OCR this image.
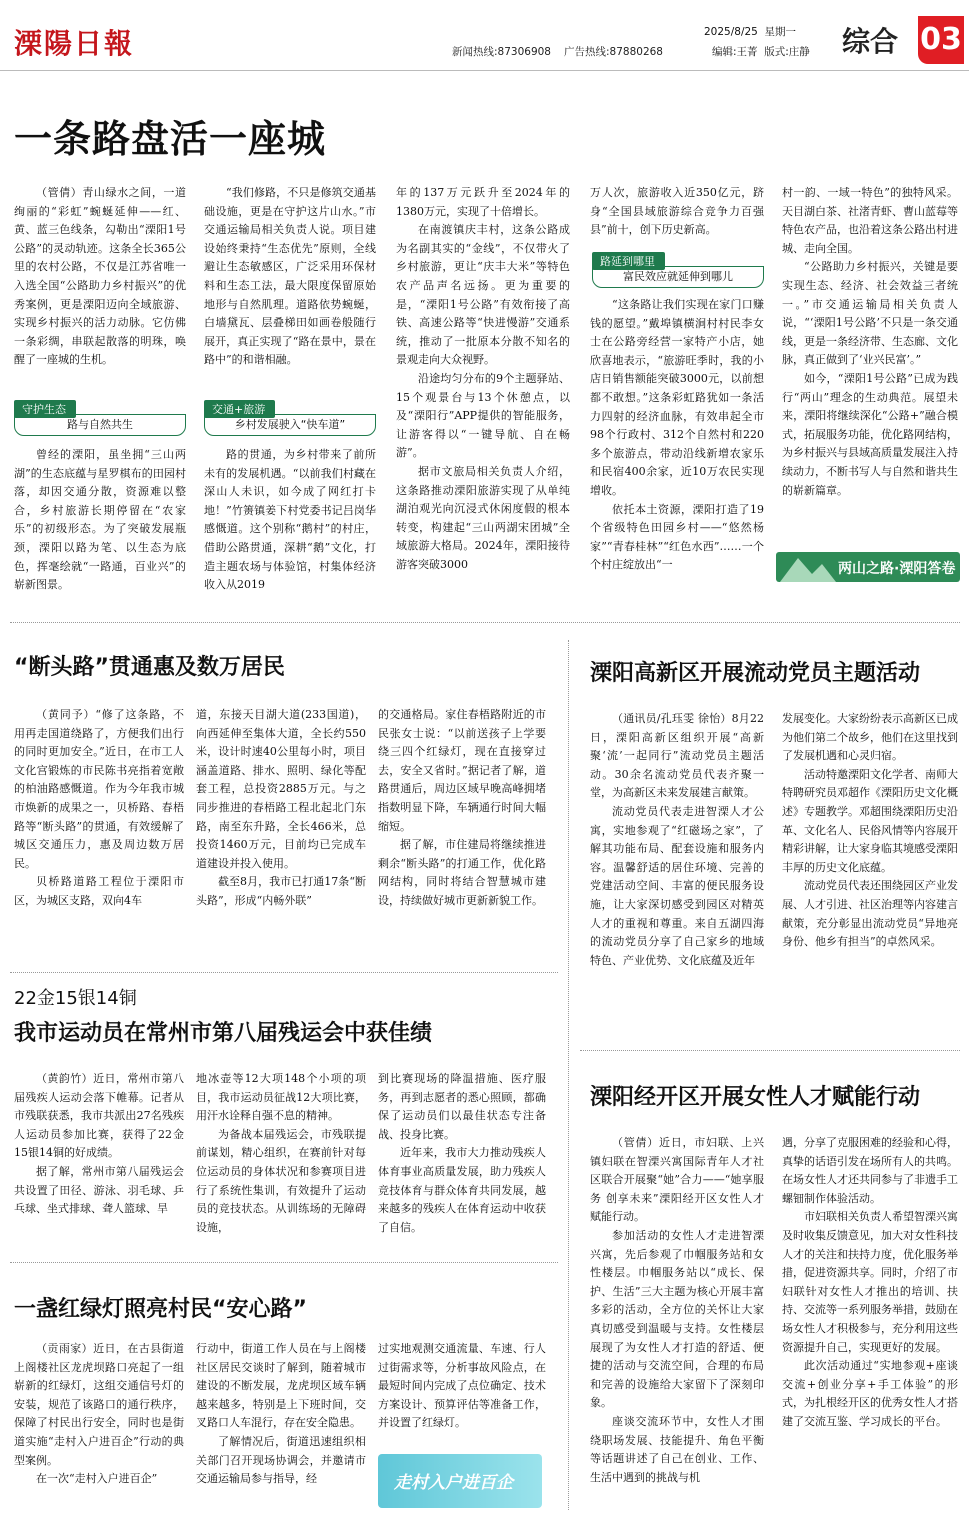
溧陽日報	新闻热线:87306908 广告热线:87880268
2025/8/25 星期一
编辑:王菁 版式:庄静 综合 03
一条路盘活一座城
（管倩）青山绿水之间，一道绚丽的“彩虹”蜿蜒延伸——红、黄、蓝三色线条，勾勒出“溧阳1号公路”的灵动轨迹。这条全长365公里的农村公路，不仅是江苏省唯一入选全国“公路助力乡村振兴”的优秀案例，更是溧阳迈向全域旅游、实现乡村振兴的活力动脉。它仿佛一条彩绸，串联起散落的明珠，唤醒了一座城的生机。
守护生态
路与自然共生
曾经的溧阳，虽坐拥“三山两湖”的生态底蕴与星罗棋布的田园村落，却因交通分散，资源难以整合，乡村旅游长期停留在“农家乐”的初级形态。为了突破发展瓶颈，溧阳以路为笔、以生态为底色，挥毫绘就“一路通，百业兴”的崭新图景。
“我们修路，不只是修筑交通基础设施，更是在守护这片山水。”市交通运输局相关负责人说。项目建设始终秉持“生态优先”原则，全线避让生态敏感区，广泛采用环保材料和生态工法，最大限度保留原始地形与自然肌理。道路依势蜿蜒，白墙黛瓦、层叠梯田如画卷般随行展开，真正实现了“路在景中，景在路中”的和谐相融。
交通+旅游
乡村发展驶入“快车道”
路的贯通，为乡村带来了前所未有的发展机遇。“以前我们村藏在深山人未识，如今成了网红打卡地！”竹箦镇姜下村党委书记吕岗华感慨道。这个别称“鹅村”的村庄，借助公路贯通，深耕“鹅”文化，打造主题农场与体验馆，村集体经济收入从2019
年的137万元跃升至2024年的1380万元，实现了十倍增长。
在南渡镇庆丰村，这条公路成为名副其实的“金线”，不仅带火了乡村旅游，更让“庆丰大米”等特色农产品声名远扬。更为重要的是，“溧阳1号公路”有效衔接了高铁、高速公路等“快进慢游”交通系统，推动了一批原本分散不知名的景观走向大众视野。
沿途均匀分布的9个主题驿站、15个观景台与13个休憩点，以及“溧阳行”APP提供的智能服务，让游客得以“一键导航、自在畅游”。
据市文旅局相关负责人介绍，这条路推动溧阳旅游实现了从单纯湖泊观光向沉浸式休闲度假的根本转变，构建起“三山两湖宋团城”全域旅游大格局。2024年，溧阳接待游客突破3000
万人次，旅游收入近350亿元，跻身“全国县域旅游综合竞争力百强县”前十，创下历史新高。
路延到哪里
富民效应就延伸到哪儿
“这条路让我们实现在家门口赚钱的愿望。”戴埠镇横涧村村民李女士在公路旁经营一家特产小店，她欣喜地表示，“旅游旺季时，我的小店日销售额能突破3000元，以前想都不敢想。”这条彩虹路犹如一条活力四射的经济血脉，有效串起全市98个行政村、312个自然村和220多个旅游点，带动沿线新增农家乐和民宿400余家，近10万农民实现增收。
依托本土资源，溧阳打造了19个省级特色田园乡村——“悠然杨家”“青春桂林”“红色水西”……一个个村庄绽放出“一
村一韵、一域一特色”的独特风采。天目湖白茶、社渚青虾、曹山蓝莓等特色农产品，也沿着这条公路出村进城、走向全国。
“公路助力乡村振兴，关键是要实现生态、经济、社会效益三者统一。”市交通运输局相关负责人说，“‘溧阳1号公路’不只是一条交通线，更是一条经济带、生态廊、文化脉，真正做到了‘业兴民富’。”
如今，“溧阳1号公路”已成为践行“两山”理念的生动典范。展望未来，溧阳将继续深化“公路+”融合模式，拓展服务功能，优化路网结构，为乡村振兴与县域高质量发展注入持续动力，不断书写人与自然和谐共生的崭新篇章。
两山之路·溧阳答卷
“断头路”贯通惠及数万居民
（黄同予）“修了这条路，不用再走国道绕路了，方便我们出行的同时更加安全。”近日，在市工人文化宫锻炼的市民陈书亮指着宽敞的柏油路感慨道。作为今年我市城市焕新的成果之一，贝桥路、春梧路等“断头路”的贯通，有效缓解了城区交通压力，惠及周边数万居民。
贝桥路道路工程位于溧阳市区，为城区支路，双向4车
道，东接天目湖大道(233国道)，向西延伸至集体大道，全长约550米，设计时速40公里每小时，项目涵盖道路、排水、照明、绿化等配套工程，总投资2885万元。与之同步推进的春梧路工程北起北门东路，南至东升路，全长466米，总投资1460万元，目前均已完成车道建设并投入使用。
截至8月，我市已打通17条“断头路”，形成“内畅外联”
的交通格局。家住春梧路附近的市民张女士说：“以前送孩子上学要绕三四个红绿灯，现在直接穿过去，安全又省时。”据记者了解，道路贯通后，周边区域早晚高峰拥堵指数明显下降，车辆通行时间大幅缩短。
据了解，市住建局将继续推进剩余“断头路”的打通工作，优化路网结构，同时将结合智慧城市建设，持续做好城市更新新貌工作。
溧阳高新区开展流动党员主题活动
（通讯员/孔珏雯 徐怡）8月22日，溧阳高新区组织开展“高新聚‘流’一起同行”流动党员主题活动。30余名流动党员代表齐聚一堂，为高新区未来发展建言献策。
流动党员代表走进智溧人才公寓，实地参观了“红磁场之家”，了解其功能布局、配套设施和服务内容。温馨舒适的居住环境、完善的党建活动空间、丰富的便民服务设施，让大家深切感受到园区对精英人才的重视和尊重。来自五湖四海的流动党员分享了自己家乡的地域特色、产业优势、文化底蕴及近年
发展变化。大家纷纷表示高新区已成为他们第二个故乡，他们在这里找到了发展机遇和心灵归宿。
活动特邀溧阳文化学者、南师大特聘研究员邓超作《溧阳历史文化概述》专题教学。邓超围绕溧阳历史沿革、文化名人、民俗风情等内容展开精彩讲解，让大家身临其境感受溧阳丰厚的历史文化底蕴。
流动党员代表还围绕园区产业发展、人才引进、社区治理等内容建言献策，充分彰显出流动党员“异地亮身份、他乡有担当”的卓然风采。
22金15银14铜
我市运动员在常州市第八届残运会中获佳绩
（黄韵竹）近日，常州市第八届残疾人运动会落下帷幕。记者从市残联获悉，我市共派出27名残疾人运动员参加比赛，获得了22金15银14铜的好成绩。
据了解，常州市第八届残运会共设置了田径、游泳、羽毛球、乒乓球、坐式排球、聋人篮球、旱
地冰壶等12大项148个小项的项目，我市运动员征战12大项比赛，用汗水诠释自强不息的精神。
为备战本届残运会，市残联提前谋划，精心组织，在赛前针对每位运动员的身体状况和参赛项目进行了系统性集训，有效提升了运动员的竞技状态。从训练场的无障碍设施，
到比赛现场的降温措施、医疗服务，再到志愿者的悉心照顾，都确保了运动员们以最佳状态专注备战、投身比赛。
近年来，我市大力推动残疾人体育事业高质量发展，助力残疾人竞技体育与群众体育共同发展，越来越多的残疾人在体育运动中收获了自信。
溧阳经开区开展女性人才赋能行动
（管倩）近日，市妇联、上兴镇妇联在智溧兴寓国际青年人才社区联合开展聚“她”合力——“她享服务 创享未来”溧阳经开区女性人才赋能行动。
参加活动的女性人才走进智溧兴寓，先后参观了巾帼服务站和女性楼层。巾帼服务站以“成长、保护、生活”三大主题为核心开展丰富多彩的活动，全方位的关怀让大家真切感受到温暖与支持。女性楼层展现了为女性人才打造的舒适、便捷的活动与交流空间，合理的布局和完善的设施给大家留下了深刻印象。
座谈交流环节中，女性人才围绕职场发展、技能提升、角色平衡等话题讲述了自己在创业、工作、生活中遇到的挑战与机
遇，分享了克服困难的经验和心得，真挚的话语引发在场所有人的共鸣。在场女性人才还共同参与了非遗手工螺钿制作体验活动。
市妇联相关负责人希望智溧兴寓及时收集反馈意见，加大对女性科技人才的关注和扶持力度，优化服务举措，促进资源共享。同时，介绍了市妇联针对女性人才推出的培训、扶持、交流等一系列服务举措，鼓励在场女性人才积极参与，充分利用这些资源提升自己，实现更好的发展。
此次活动通过“实地参观+座谈交流+创业分享+手工体验”的形式，为扎根经开区的优秀女性人才搭建了交流互鉴、学习成长的平台。
一盏红绿灯照亮村民“安心路”
（贡雨家）近日，在古县街道上阁楼社区龙虎坝路口亮起了一组崭新的红绿灯，这组交通信号灯的安装，规范了该路口的通行秩序，保障了村民出行安全，同时也是街道实施“走村入户进百企”行动的典型案例。
在一次“走村入户进百企”
行动中，街道工作人员在与上阁楼社区居民交谈时了解到，随着城市建设的不断发展，龙虎坝区域车辆越来越多，特别是上下班时间，交叉路口人车混行，存在安全隐患。
了解情况后，街道迅速组织相关部门召开现场协调会，并邀请市交通运输局参与指导，经
过实地观测交通流量、车速、行人过街需求等，分析事故风险点，在最短时间内完成了点位确定、技术方案设计、预算评估等准备工作，并设置了红绿灯。
走村入户进百企
